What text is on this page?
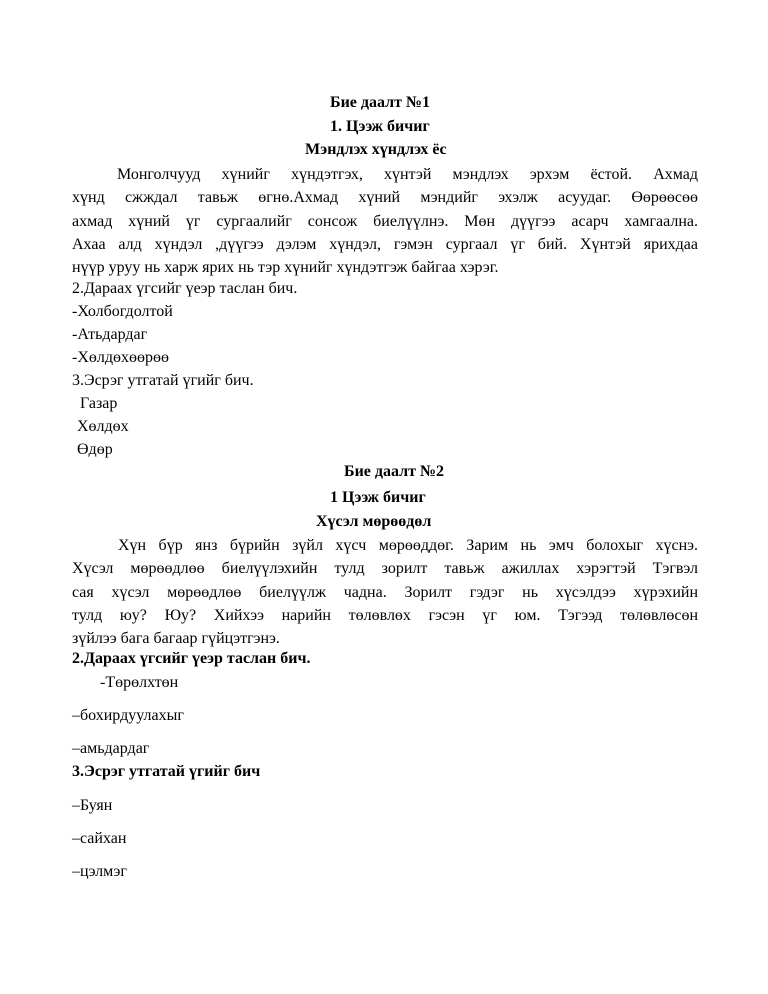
Бие даалт №1
1. Цээж бичиг
Мэндлэх хүндлэх ёс
Монголчууд хүнийг хүндэтгэх, хүнтэй мэндлэх эрхэм ёстой. Ахмад
хүнд сжждал тавьж өгнө.Ахмад хүний мэндийг эхэлж асуудаг. Өөрөөсөө
ахмад хүний үг сургаалийг сонсож биелүүлнэ. Мөн дүүгээ асарч хамгаална.
Ахаа алд хүндэл ,дүүгээ дэлэм хүндэл, гэмэн сургаал үг бий. Хүнтэй ярихдаа
нүүр уруу нь харж ярих нь тэр хүнийг хүндэтгэж байгаа хэрэг.
2.Дараах үгсийг үеэр таслан бич.
-Холбогдолтой
-Атьдардаг
-Хөлдөхөөрөө
3.Эсрэг утгатай үгийг бич.
Газар
Хөлдөх
Өдөр
Бие даалт №2
1 Цээж бичиг
Хүсэл мөрөөдөл
Хүн бүр янз бүрийн зүйл хүсч мөрөөддөг. Зарим нь эмч болохыг хүснэ.
Хүсэл мөрөөдлөө биелүүлэхийн тулд зорилт тавьж ажиллах хэрэгтэй Тэгвэл
сая хүсэл мөрөөдлөө биелүүлж чадна. Зорилт гэдэг нь хүсэлдээ хүрэхийн
тулд юу? Юу? Хийхээ нарийн төлөвлөх гэсэн үг юм. Тэгээд төлөвлөсөн
зүйлээ бага багаар гүйцэтгэнэ.
2.Дараах үгсийг үеэр таслан бич.
-Төрөлхтөн
–бохирдуулахыг
–амьдардаг
3.Эсрэг утгатай үгийг бич
–Буян
–сайхан
–цэлмэг
